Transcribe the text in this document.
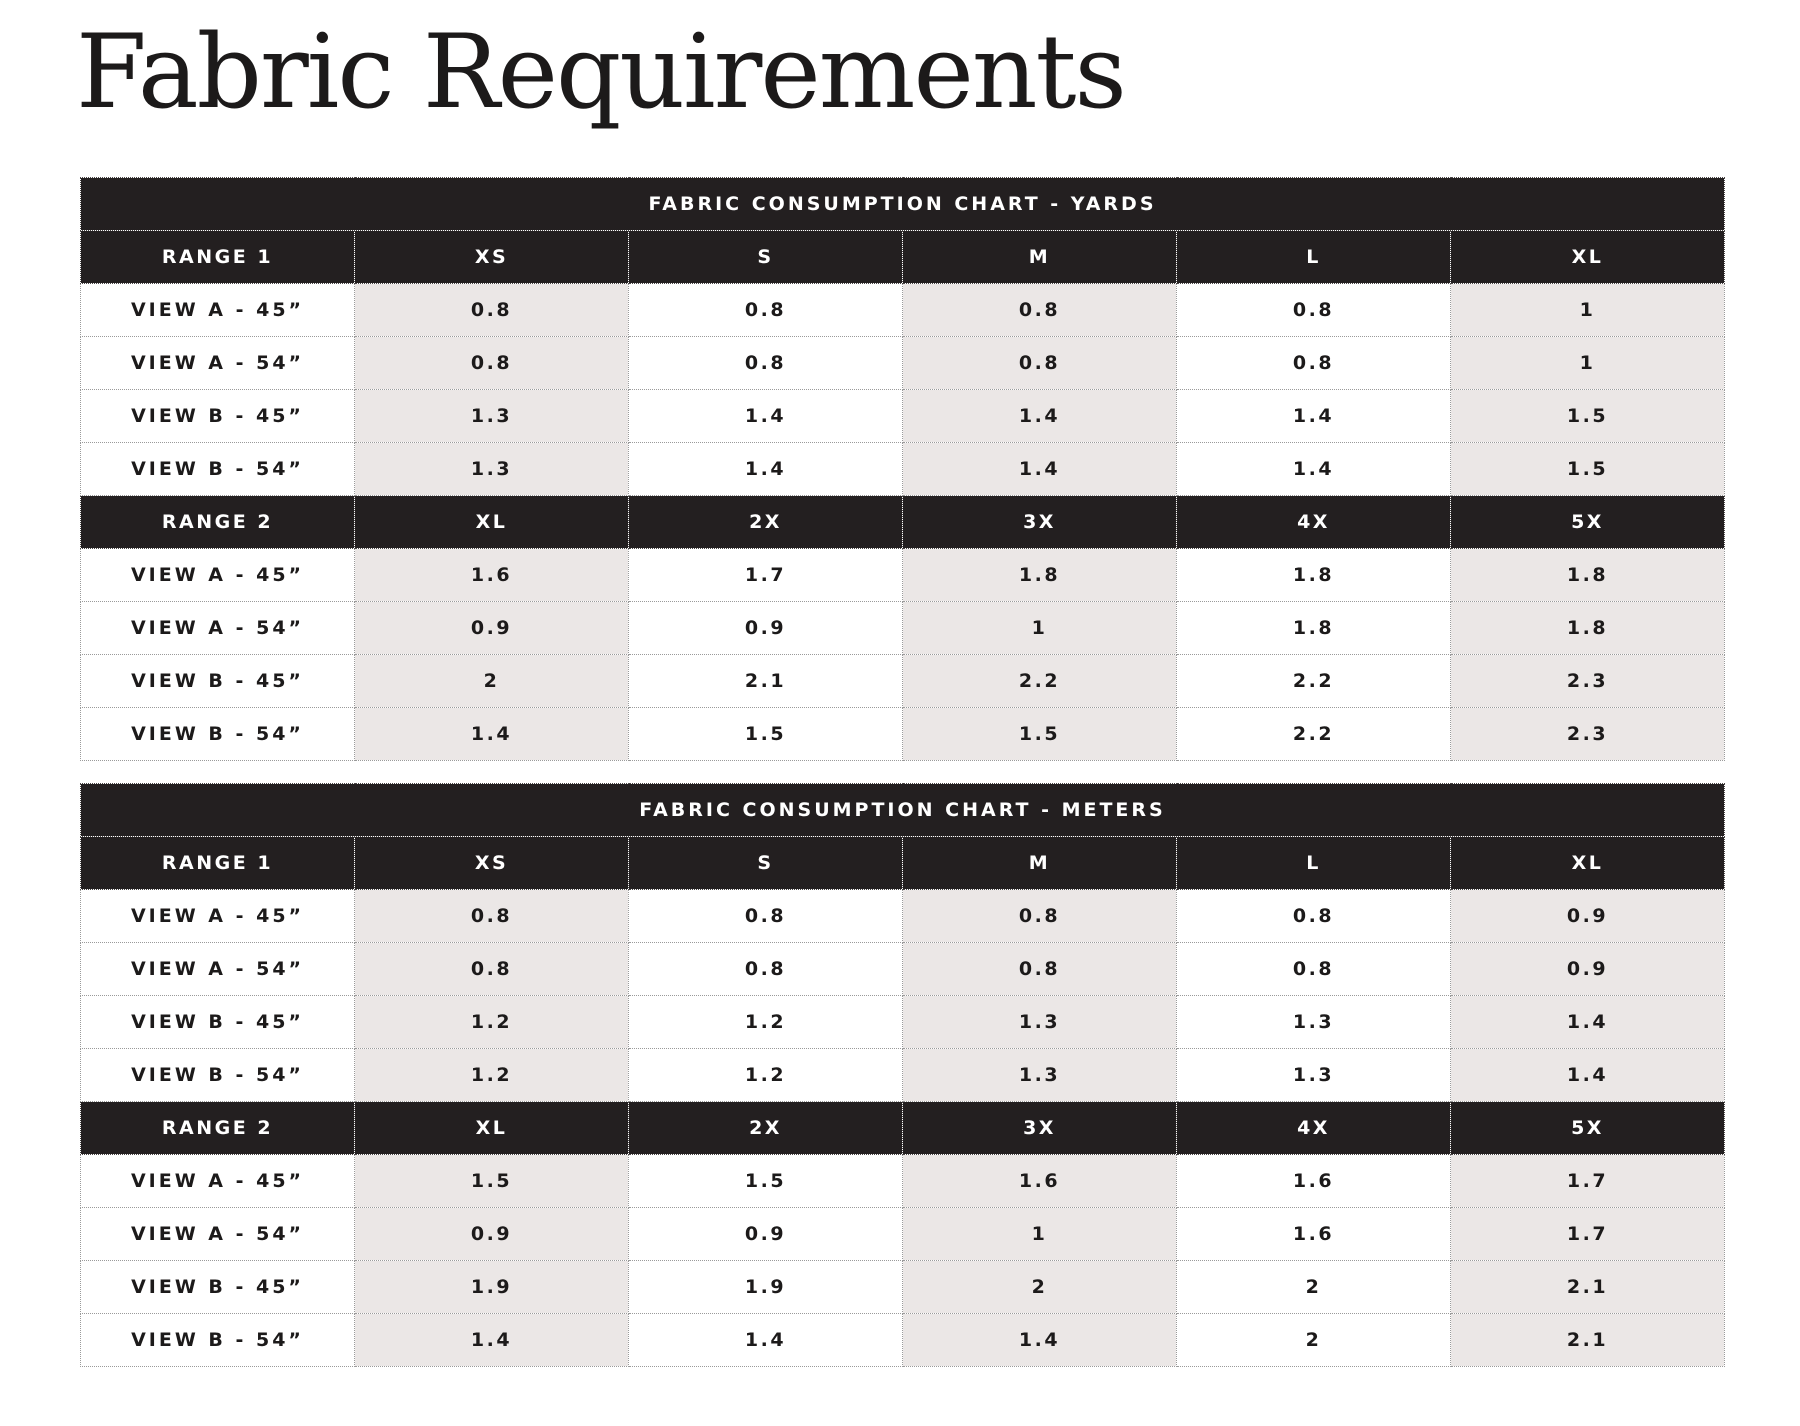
Fabric Requirements
FABRIC CONSUMPTION CHART - YARDS					
RANGE 1	XS	S	M	L	XL
VIEW A - 45”	0.8	0.8	0.8	0.8	1
VIEW A - 54”	0.8	0.8	0.8	0.8	1
VIEW B - 45”	1.3	1.4	1.4	1.4	1.5
VIEW B - 54”	1.3	1.4	1.4	1.4	1.5
RANGE 2	XL	2X	3X	4X	5X
VIEW A - 45”	1.6	1.7	1.8	1.8	1.8
VIEW A - 54”	0.9	0.9	1	1.8	1.8
VIEW B - 45”	2	2.1	2.2	2.2	2.3
VIEW B - 54”	1.4	1.5	1.5	2.2	2.3
FABRIC CONSUMPTION CHART - METERS					
RANGE 1	XS	S	M	L	XL
VIEW A - 45”	0.8	0.8	0.8	0.8	0.9
VIEW A - 54”	0.8	0.8	0.8	0.8	0.9
VIEW B - 45”	1.2	1.2	1.3	1.3	1.4
VIEW B - 54”	1.2	1.2	1.3	1.3	1.4
RANGE 2	XL	2X	3X	4X	5X
VIEW A - 45”	1.5	1.5	1.6	1.6	1.7
VIEW A - 54”	0.9	0.9	1	1.6	1.7
VIEW B - 45”	1.9	1.9	2	2	2.1
VIEW B - 54”	1.4	1.4	1.4	2	2.1
